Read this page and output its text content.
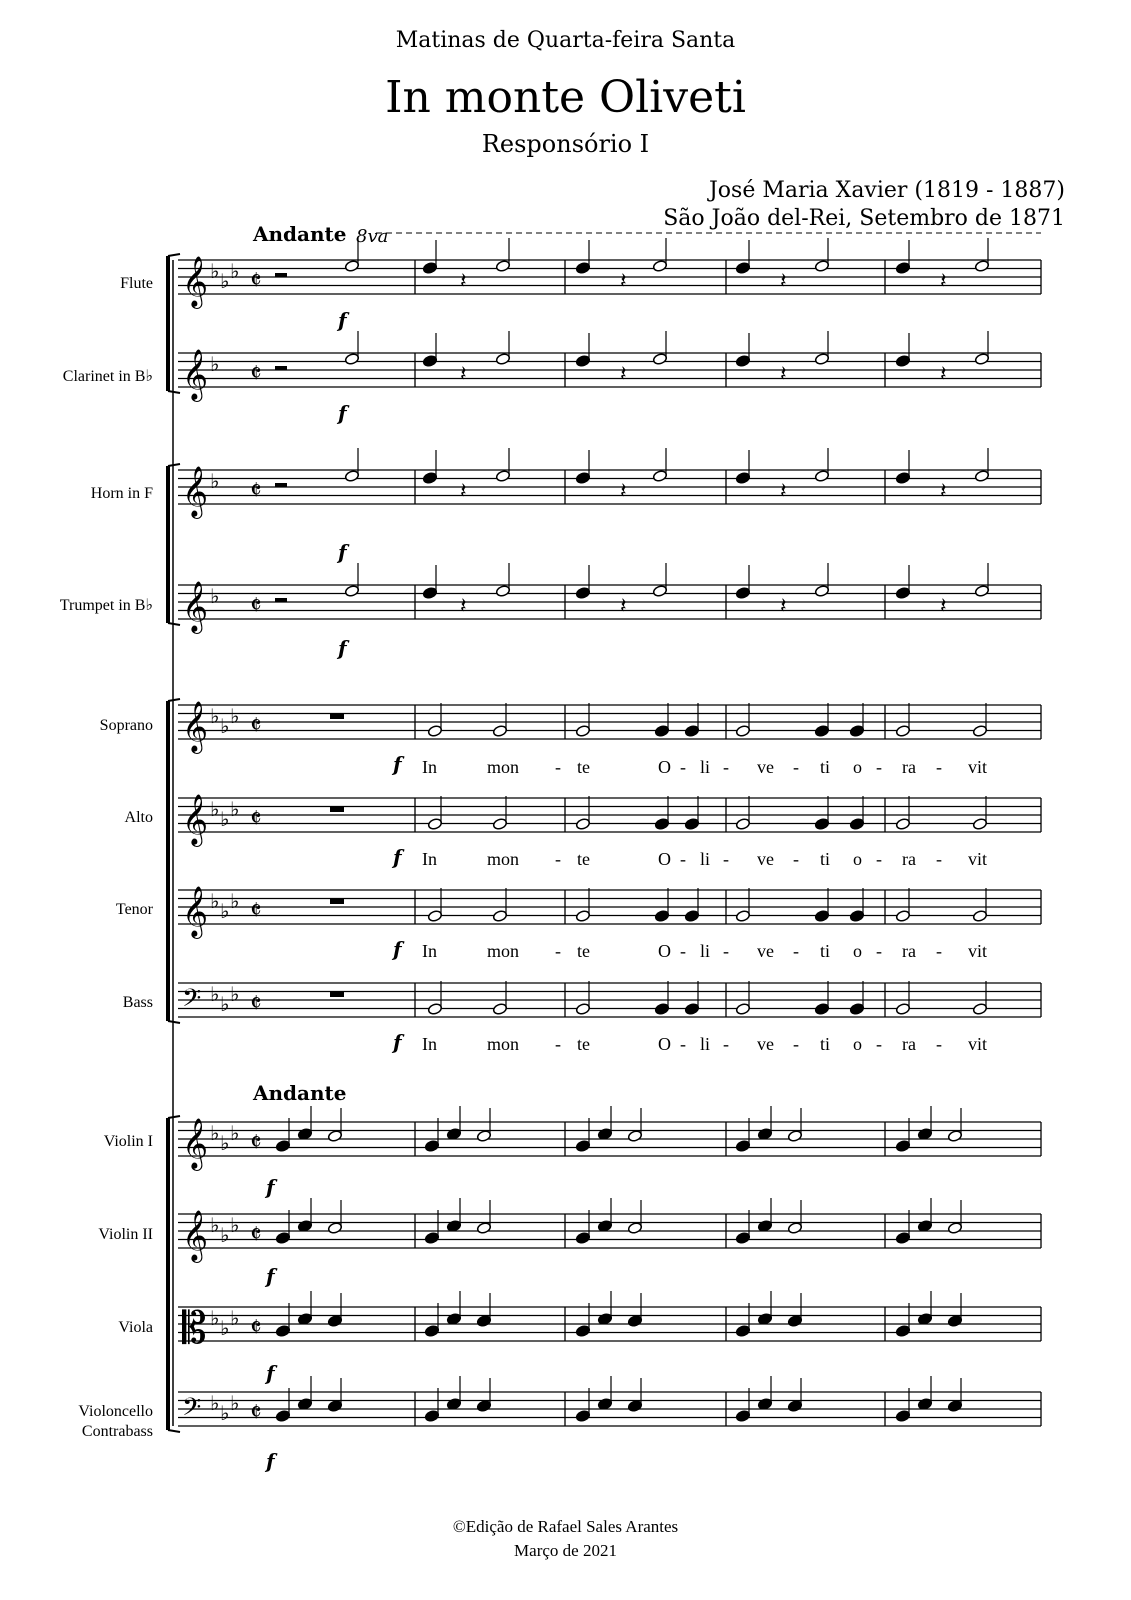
𝄞 𝄵
♭ ♭ ♭
𝄞 𝄵
♭
𝄞 𝄵
♭
𝄞 𝄵
♭
𝄞 𝄵
♭ ♭ ♭
𝄞 𝄵
♭ ♭ ♭
𝄞 𝄵
♭ ♭ ♭
𝄢 𝄵
♭ ♭ ♭
𝄞 𝄵
♭ ♭ ♭
𝄞 𝄵
♭ ♭ ♭
𝄡 𝄵
♭ ♭ ♭
𝄢 𝄵
♭ ♭ ♭
𝄽	𝄽	𝄽	𝄽
𝄽	𝄽	𝄽	𝄽
𝄽	𝄽	𝄽	𝄽
𝄽	𝄽	𝄽	𝄽
Matinas de Quarta-feira Santa
In monte Oliveti
Responsório I
José Maria Xavier (1819 - 1887)
São João del-Rei, Setembro de 1871
Andante 8va
Andante
Flute
Clarinet in B♭
Horn in F
Trumpet in B♭
Soprano
Alto
Tenor
Bass
Violin I
Violin II
Viola
Violoncello
Contrabass
f
f
f
f
f
f
f
f
f
f
f
f
In	mon - te	O - li - ve - ti o - ra - vit
In	mon - te	O - li - ve - ti o - ra - vit
In	mon - te	O - li - ve - ti o - ra - vit
In	mon - te	O - li - ve - ti o - ra - vit
©Edição de Rafael Sales Arantes
Março de 2021
